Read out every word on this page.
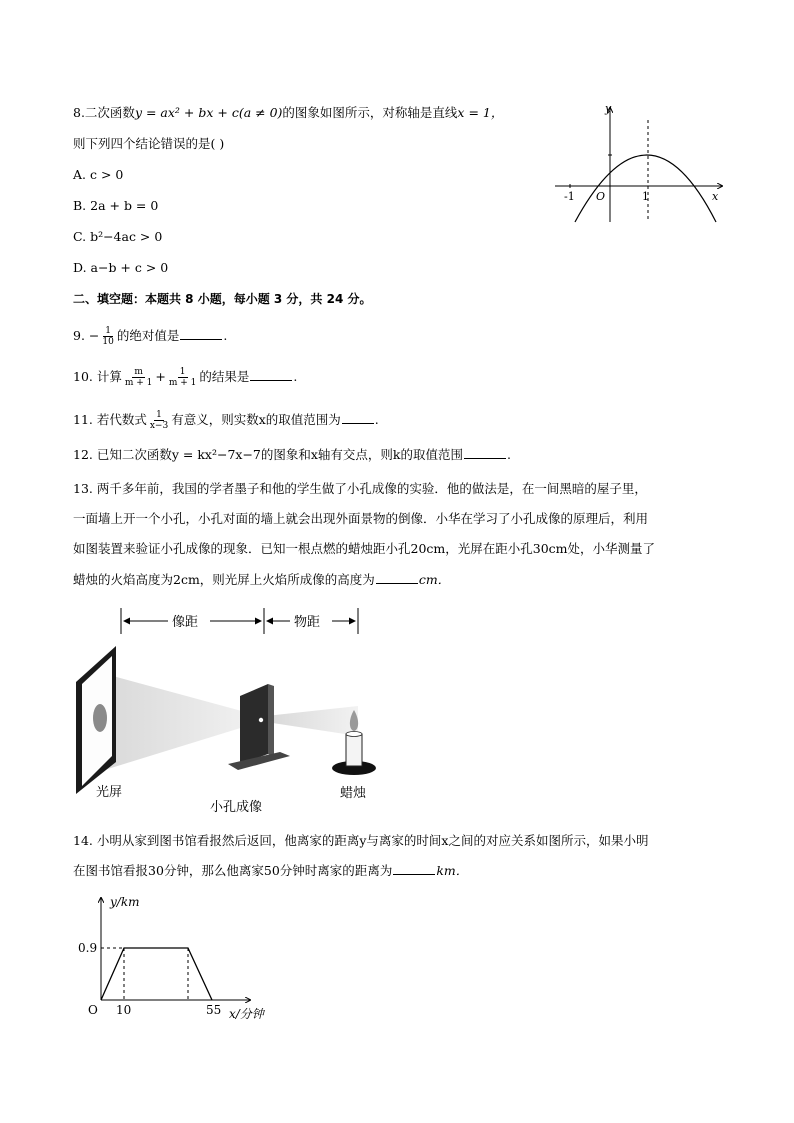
8.二次函数y = ax² + bx + c(a ≠ 0)的图象如图所示，对称轴是直线x = 1，
则下列四个结论错误的是( )
A. c > 0
B. 2a + b = 0
C. b²−4ac > 0
D. a−b + c > 0
y
x
O
-1	1
二、填空题：本题共 8 小题，每小题 3 分，共 24 分。
9. − $\frac{1}{10}$ 的绝对值是	.
10. 计算 $\frac{m}{m + 1} + \frac{1}{m + 1}$ 的结果是	.
11. 若代数式 $\frac{1}{x-3}$ 有意义，则实数x的取值范围为	.
12. 已知二次函数y = kx²−7x−7的图象和x轴有交点，则k的取值范围	.
13. 两千多年前，我国的学者墨子和他的学生做了小孔成像的实验．他的做法是，在一间黑暗的屋子里，
一面墙上开一个小孔，小孔对面的墙上就会出现外面景物的倒像．小华在学习了小孔成像的原理后，利用
如图装置来验证小孔成像的现象．已知一根点燃的蜡烛距小孔20cm，光屏在距小孔30cm处，小华测量了
蜡烛的火焰高度为2cm，则光屏上火焰所成像的高度为	cm．
像距	物距
光屏
小孔成像
蜡烛
14. 小明从家到图书馆看报然后返回，他离家的距离y与离家的时间x之间的对应关系如图所示，如果小明
在图书馆看报30分钟，那么他离家50分钟时离家的距离为	km．
y/km
x/分钟
0.9
O 10	55
